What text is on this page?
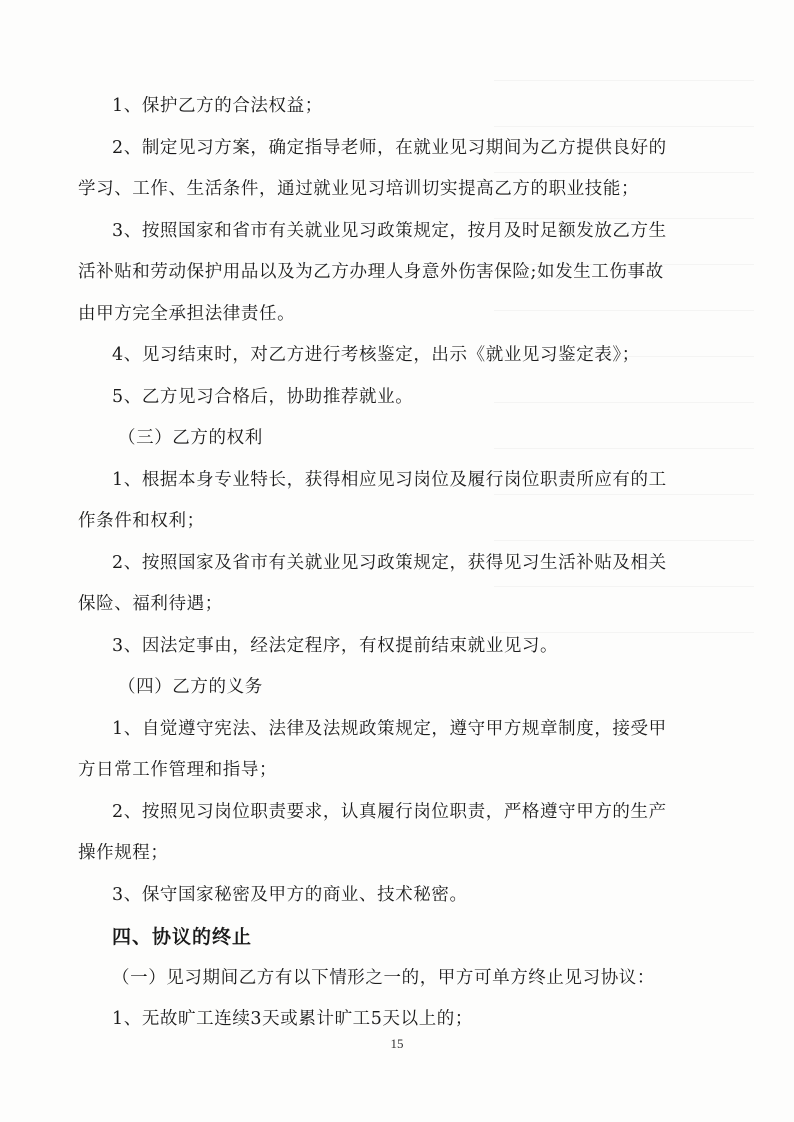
1、保护乙方的合法权益；
2、制定见习方案，确定指导老师，在就业见习期间为乙方提供良好的
学习、工作、生活条件，通过就业见习培训切实提高乙方的职业技能；
3、按照国家和省市有关就业见习政策规定，按月及时足额发放乙方生
活补贴和劳动保护用品以及为乙方办理人身意外伤害保险;如发生工伤事故
由甲方完全承担法律责任。
4、见习结束时，对乙方进行考核鉴定，出示《就业见习鉴定表》；
5、乙方见习合格后，协助推荐就业。
（三）乙方的权利
1、根据本身专业特长，获得相应见习岗位及履行岗位职责所应有的工
作条件和权利；
2、按照国家及省市有关就业见习政策规定，获得见习生活补贴及相关
保险、福利待遇；
3、因法定事由，经法定程序，有权提前结束就业见习。
（四）乙方的义务
1、自觉遵守宪法、法律及法规政策规定，遵守甲方规章制度，接受甲
方日常工作管理和指导；
2、按照见习岗位职责要求，认真履行岗位职责，严格遵守甲方的生产
操作规程；
3、保守国家秘密及甲方的商业、技术秘密。
四、协议的终止
（一）见习期间乙方有以下情形之一的，甲方可单方终止见习协议：
1、无故旷工连续3天或累计旷工5天以上的；
15
